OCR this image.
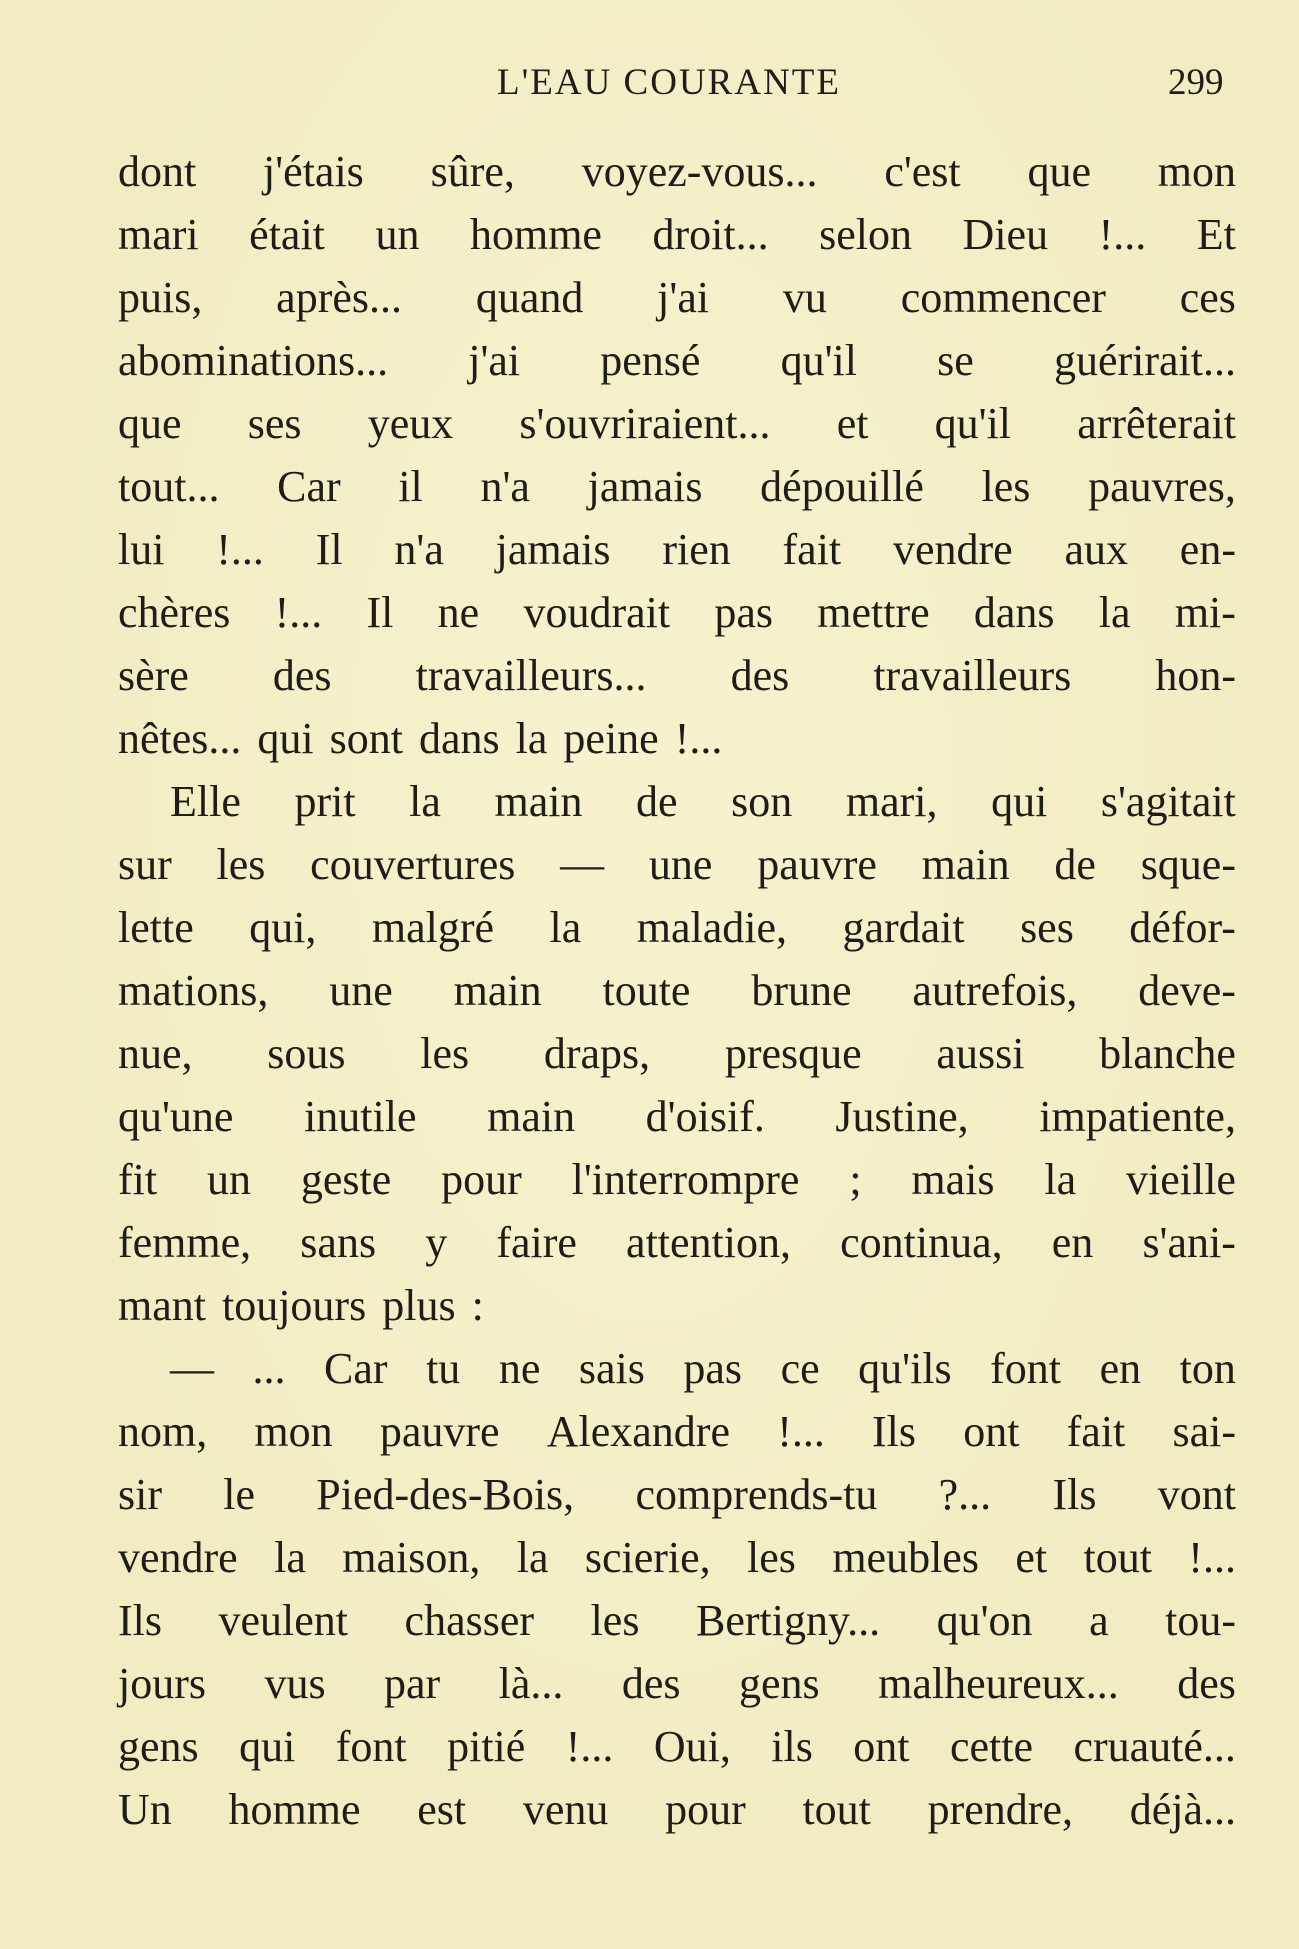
L'EAU COURANTE	299
dont j'étais sûre, voyez-vous... c'est que mon
mari était un homme droit... selon Dieu !... Et
puis, après... quand j'ai vu commencer ces
abominations... j'ai pensé qu'il se guérirait...
que ses yeux s'ouvriraient... et qu'il arrêterait
tout... Car il n'a jamais dépouillé les pauvres,
lui !... Il n'a jamais rien fait vendre aux en-
chères !... Il ne voudrait pas mettre dans la mi-
sère des travailleurs... des travailleurs hon-
nêtes... qui sont dans la peine !...
Elle prit la main de son mari, qui s'agitait
sur les couvertures — une pauvre main de sque-
lette qui, malgré la maladie, gardait ses défor-
mations, une main toute brune autrefois, deve-
nue, sous les draps, presque aussi blanche
qu'une inutile main d'oisif. Justine, impatiente,
fit un geste pour l'interrompre ; mais la vieille
femme, sans y faire attention, continua, en s'ani-
mant toujours plus :
— ... Car tu ne sais pas ce qu'ils font en ton
nom, mon pauvre Alexandre !... Ils ont fait sai-
sir le Pied-des-Bois, comprends-tu ?... Ils vont
vendre la maison, la scierie, les meubles et tout !...
Ils veulent chasser les Bertigny... qu'on a tou-
jours vus par là... des gens malheureux... des
gens qui font pitié !... Oui, ils ont cette cruauté...
Un homme est venu pour tout prendre, déjà...
